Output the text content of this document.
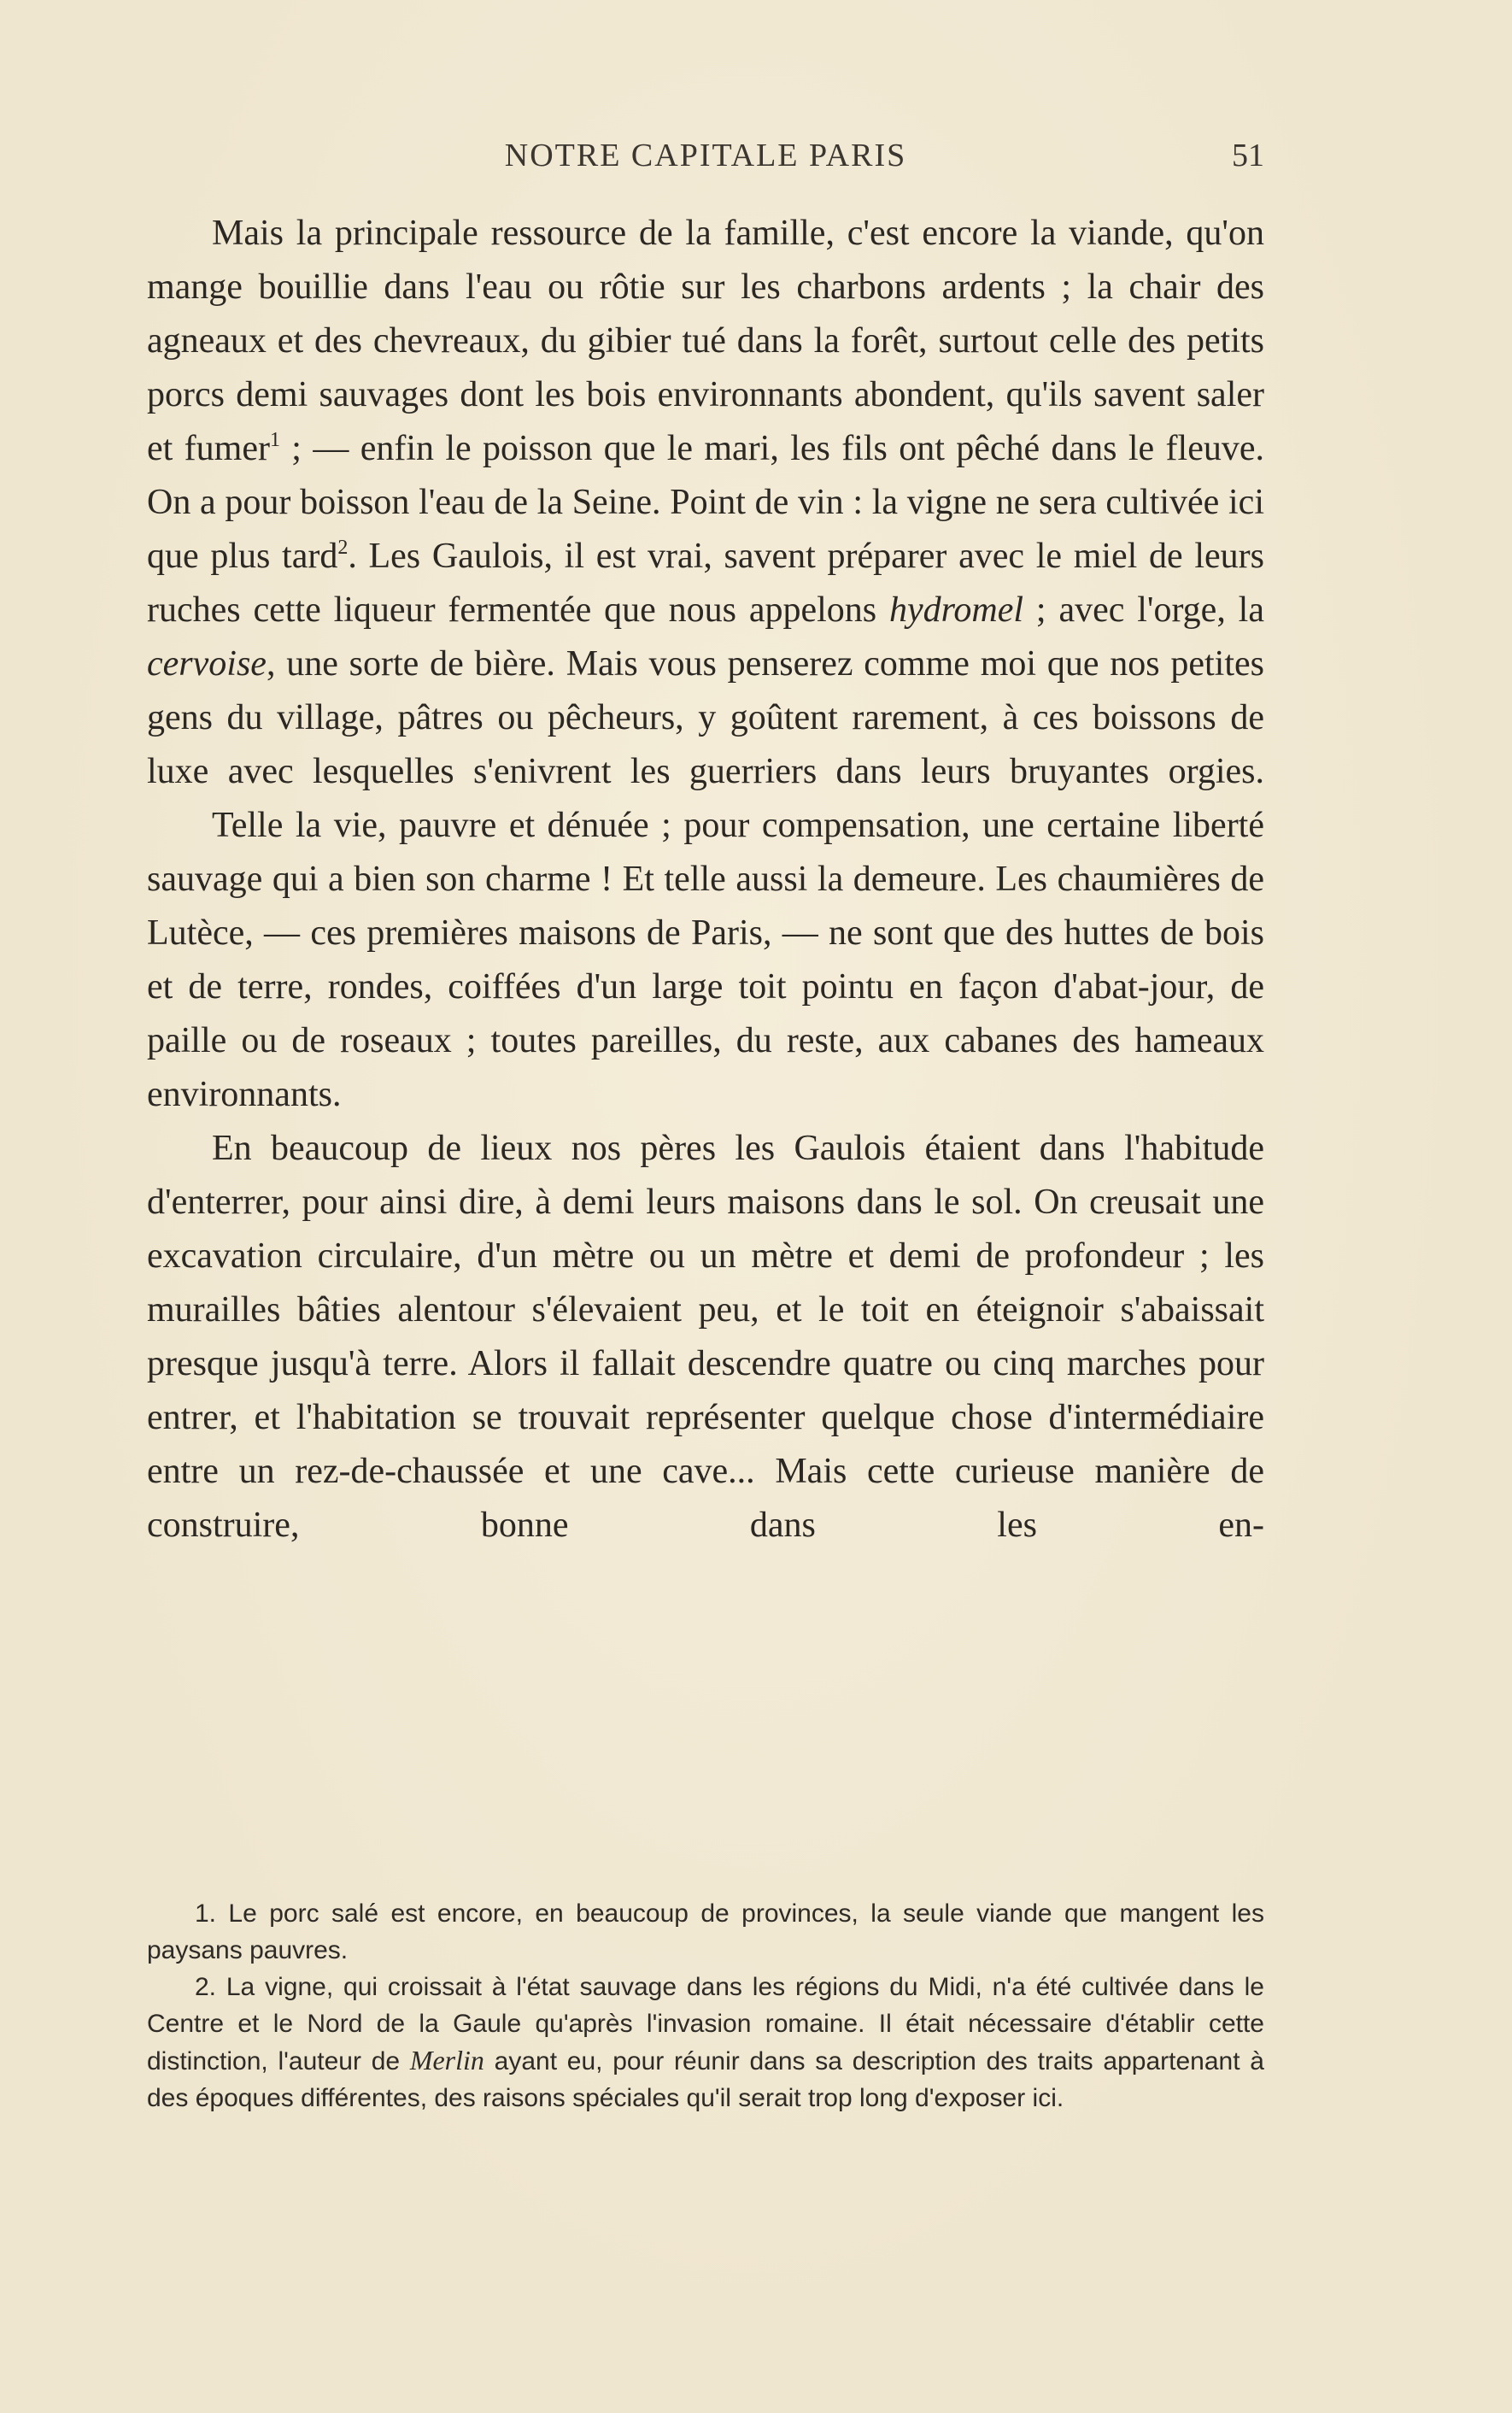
NOTRE CAPITALE PARIS	51

Mais la principale ressource de la famille, c'est encore la viande, qu'on mange bouillie dans l'eau ou rôtie sur les charbons ardents ; la chair des agneaux et des chevreaux, du gibier tué dans la forêt, surtout celle des petits porcs demi sauvages dont les bois environnants abondent, qu'ils savent saler et fumer$^1$ ; — enfin le poisson que le mari, les fils ont pêché dans le fleuve. On a pour boisson l'eau de la Seine. Point de vin : la vigne ne sera cultivée ici que plus tard$^2$. Les Gaulois, il est vrai, savent préparer avec le miel de leurs ruches cette liqueur fermentée que nous appelons hydromel ; avec l'orge, la cervoise, une sorte de bière. Mais vous penserez comme moi que nos petites gens du village, pâtres ou pêcheurs, y goûtent rarement, à ces boissons de luxe avec lesquelles s'enivrent les guerriers dans leurs bruyantes orgies.

Telle la vie, pauvre et dénuée ; pour compensation, une certaine liberté sauvage qui a bien son charme ! Et telle aussi la demeure. Les chaumières de Lutèce, — ces premières maisons de Paris, — ne sont que des huttes de bois et de terre, rondes, coiffées d'un large toit pointu en façon d'abat-jour, de paille ou de roseaux ; toutes pareilles, du reste, aux cabanes des hameaux environnants.

En beaucoup de lieux nos pères les Gaulois étaient dans l'habitude d'enterrer, pour ainsi dire, à demi leurs maisons dans le sol. On creusait une excavation circulaire, d'un mètre ou un mètre et demi de profondeur ; les murailles bâties alentour s'élevaient peu, et le toit en éteignoir s'abaissait presque jusqu'à terre. Alors il fallait descendre quatre ou cinq marches pour entrer, et l'habitation se trouvait représenter quelque chose d'intermédiaire entre un rez-de-chaussée et une cave... Mais cette curieuse manière de construire, bonne dans les en-

1. Le porc salé est encore, en beaucoup de provinces, la seule viande que mangent les paysans pauvres.

2. La vigne, qui croissait à l'état sauvage dans les régions du Midi, n'a été cultivée dans le Centre et le Nord de la Gaule qu'après l'invasion romaine. Il était nécessaire d'établir cette distinction, l'auteur de Merlin ayant eu, pour réunir dans sa description des traits appartenant à des époques différentes, des raisons spéciales qu'il serait trop long d'exposer ici.
